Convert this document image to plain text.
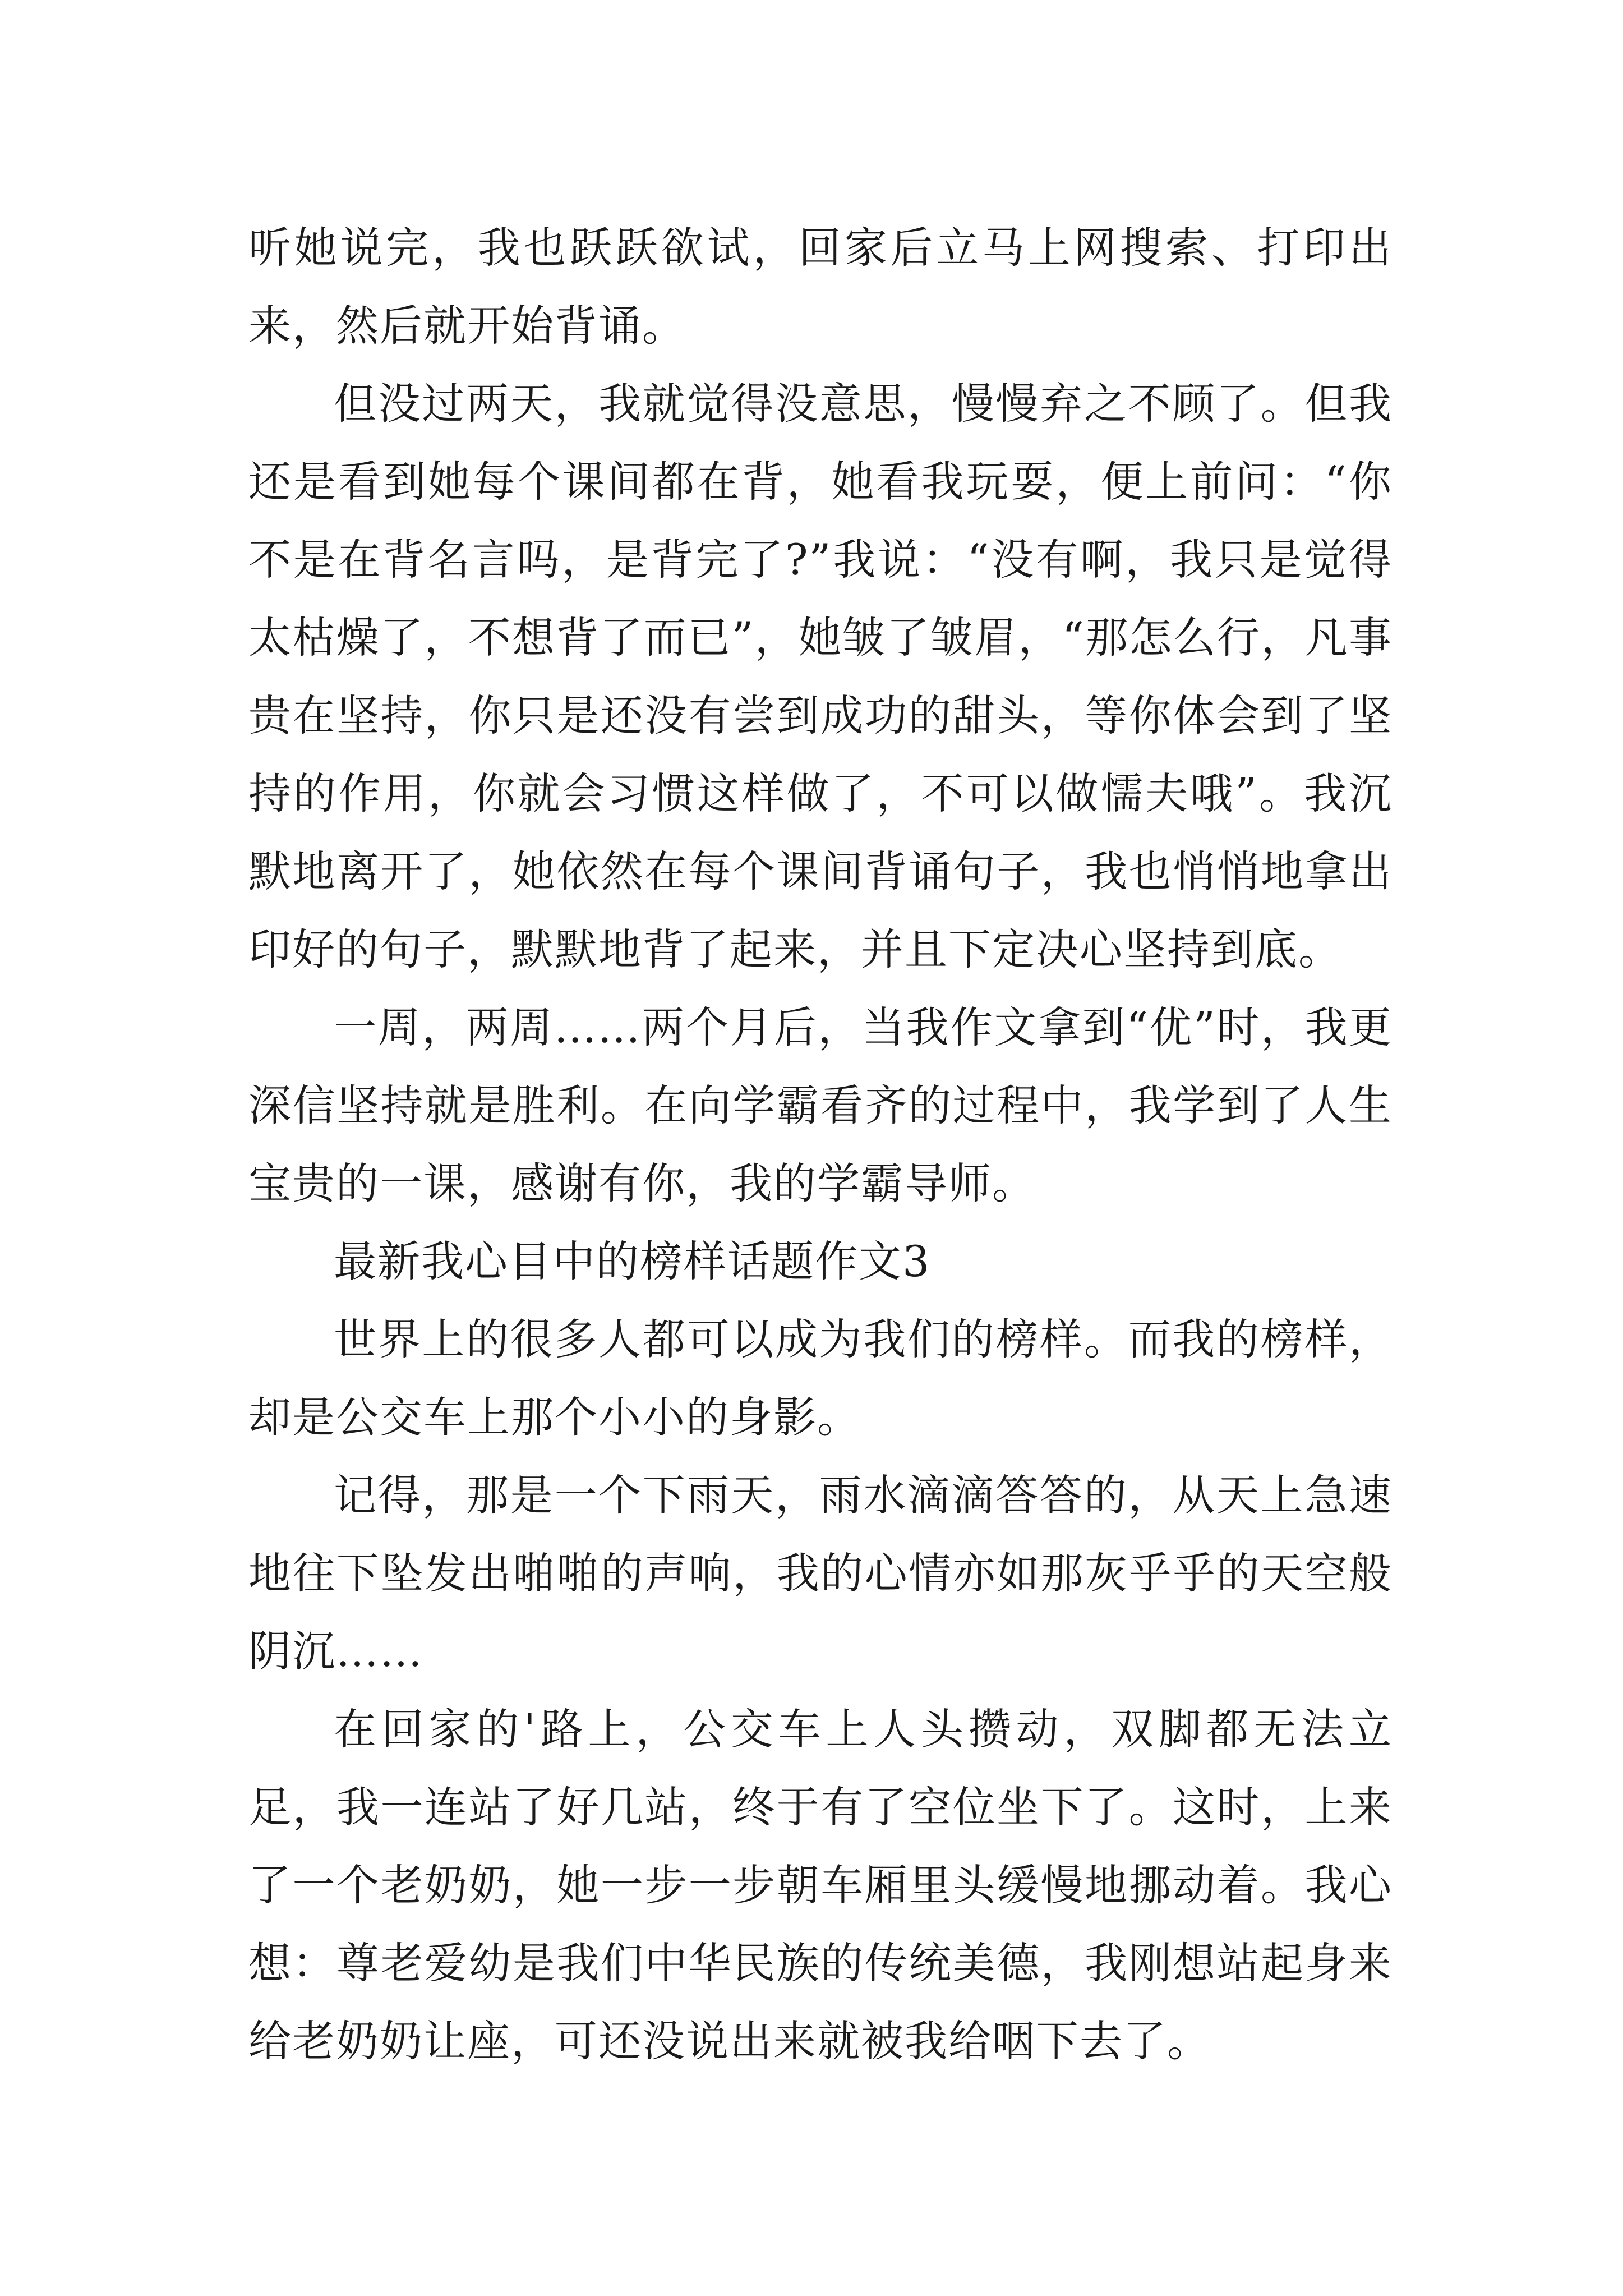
听她说完，我也跃跃欲试，回家后立马上网搜索、打印出来，然后就开始背诵。

但没过两天，我就觉得没意思，慢慢弃之不顾了。但我还是看到她每个课间都在背，她看我玩耍，便上前问：“你不是在背名言吗，是背完了?”我说：“没有啊，我只是觉得太枯燥了，不想背了而已”，她皱了皱眉，“那怎么行，凡事贵在坚持，你只是还没有尝到成功的甜头，等你体会到了坚持的作用，你就会习惯这样做了，不可以做懦夫哦”。我沉默地离开了，她依然在每个课间背诵句子，我也悄悄地拿出印好的句子，默默地背了起来，并且下定决心坚持到底。

一周，两周……两个月后，当我作文拿到“优”时，我更深信坚持就是胜利。在向学霸看齐的过程中，我学到了人生宝贵的一课，感谢有你，我的学霸导师。

最新我心目中的榜样话题作文3

世界上的很多人都可以成为我们的榜样。而我的榜样，却是公交车上那个小小的身影。

记得，那是一个下雨天，雨水滴滴答答的，从天上急速地往下坠发出啪啪的声响，我的心情亦如那灰乎乎的天空般阴沉……

在回家的'路上，公交车上人头攒动，双脚都无法立足，我一连站了好几站，终于有了空位坐下了。这时，上来了一个老奶奶，她一步一步朝车厢里头缓慢地挪动着。我心想：尊老爱幼是我们中华民族的传统美德，我刚想站起身来给老奶奶让座，可还没说出来就被我给咽下去了。
